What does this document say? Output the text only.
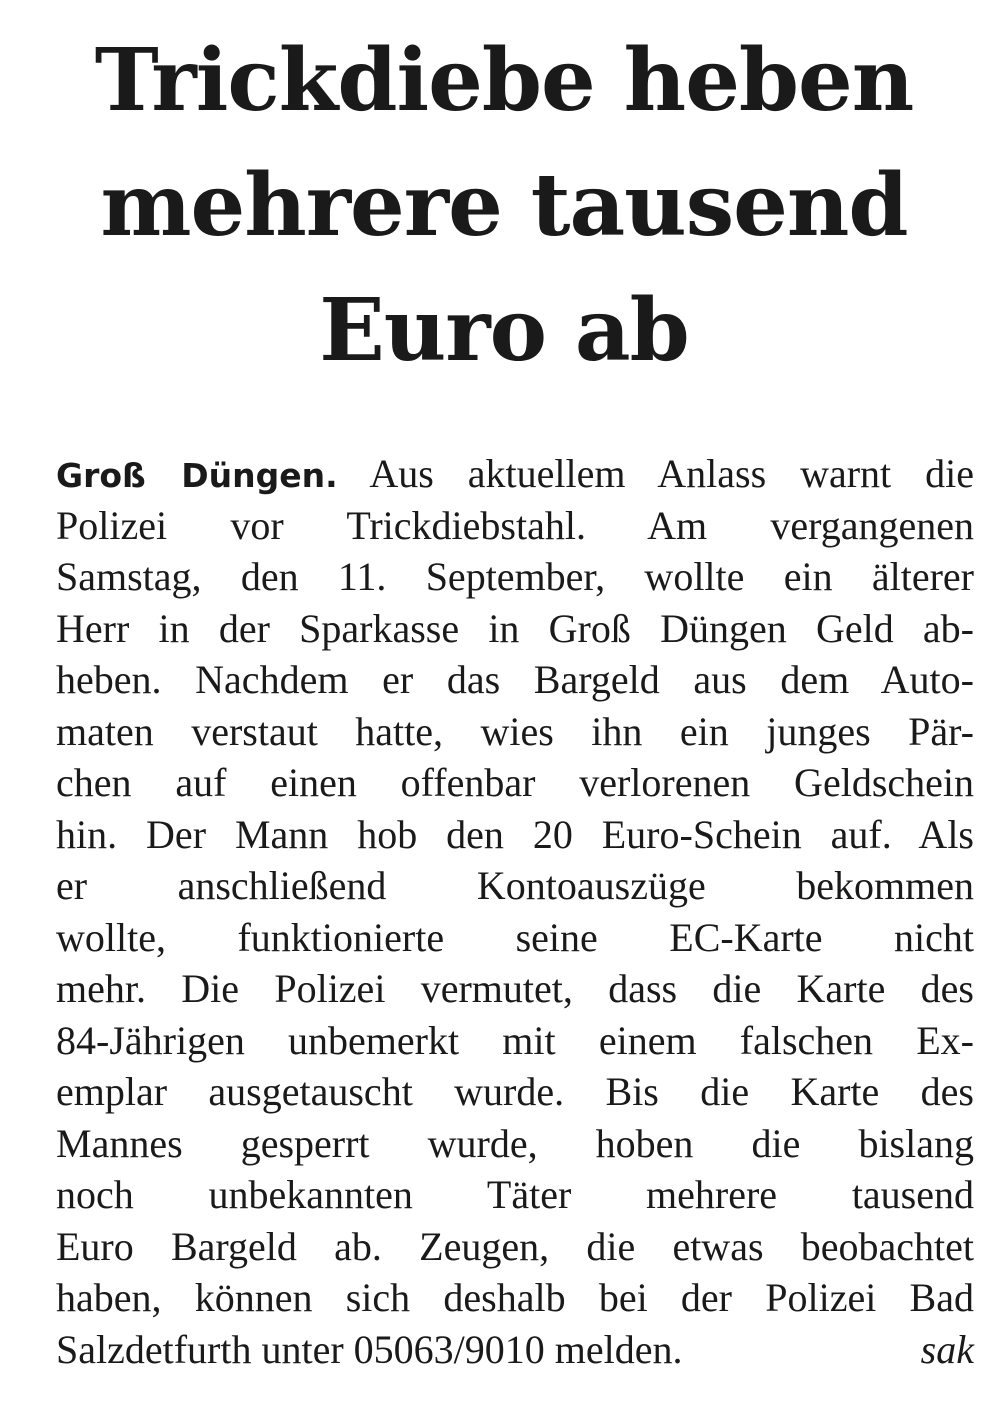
Trickdiebe heben
mehrere tausend
Euro ab
Groß Düngen. Aus aktuellem Anlass warnt die
Polizei vor Trickdiebstahl. Am vergangenen
Samstag, den 11. September, wollte ein älterer
Herr in der Sparkasse in Groß Düngen Geld ab-
heben. Nachdem er das Bargeld aus dem Auto-
maten verstaut hatte, wies ihn ein junges Pär-
chen auf einen offenbar verlorenen Geldschein
hin. Der Mann hob den 20 Euro-Schein auf. Als
er anschließend Kontoauszüge bekommen
wollte, funktionierte seine EC-Karte nicht
mehr. Die Polizei vermutet, dass die Karte des
84-Jährigen unbemerkt mit einem falschen Ex-
emplar ausgetauscht wurde. Bis die Karte des
Mannes gesperrt wurde, hoben die bislang
noch unbekannten Täter mehrere tausend
Euro Bargeld ab. Zeugen, die etwas beobachtet
haben, können sich deshalb bei der Polizei Bad
Salzdetfurth unter 05063/9010 melden.	sak
